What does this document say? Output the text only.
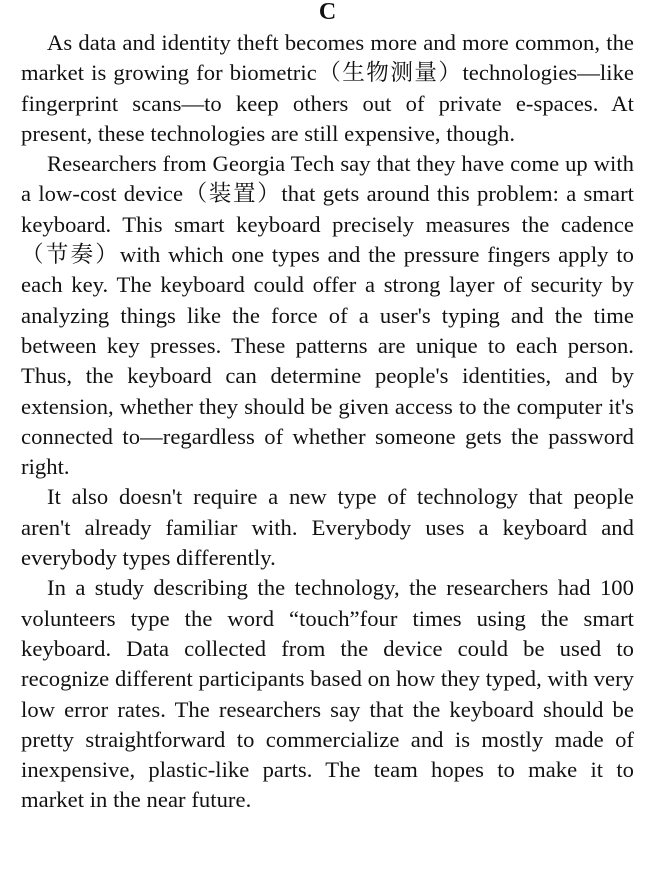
C

As data and identity theft becomes more and more common, the market is growing for biometric（生物测量）technologies—like fingerprint scans—to keep others out of private e-spaces. At present, these technologies are still expensive, though.

Researchers from Georgia Tech say that they have come up with a low-cost device（装置）that gets around this problem: a smart keyboard. This smart keyboard precisely measures the cadence（节奏）with which one types and the pressure fingers apply to each key. The keyboard could offer a strong layer of security by analyzing things like the force of a user's typing and the time between key presses. These patterns are unique to each person. Thus, the keyboard can determine people's identities, and by extension, whether they should be given access to the computer it's connected to—regardless of whether someone gets the password right.

It also doesn't require a new type of technology that people aren't already familiar with. Everybody uses a keyboard and everybody types differently.

In a study describing the technology, the researchers had 100 volunteers type the word “touch”four times using the smart keyboard. Data collected from the device could be used to recognize different participants based on how they typed, with very low error rates. The researchers say that the keyboard should be pretty straightforward to commercialize and is mostly made of inexpensive, plastic-like parts. The team hopes to make it to market in the near future.
